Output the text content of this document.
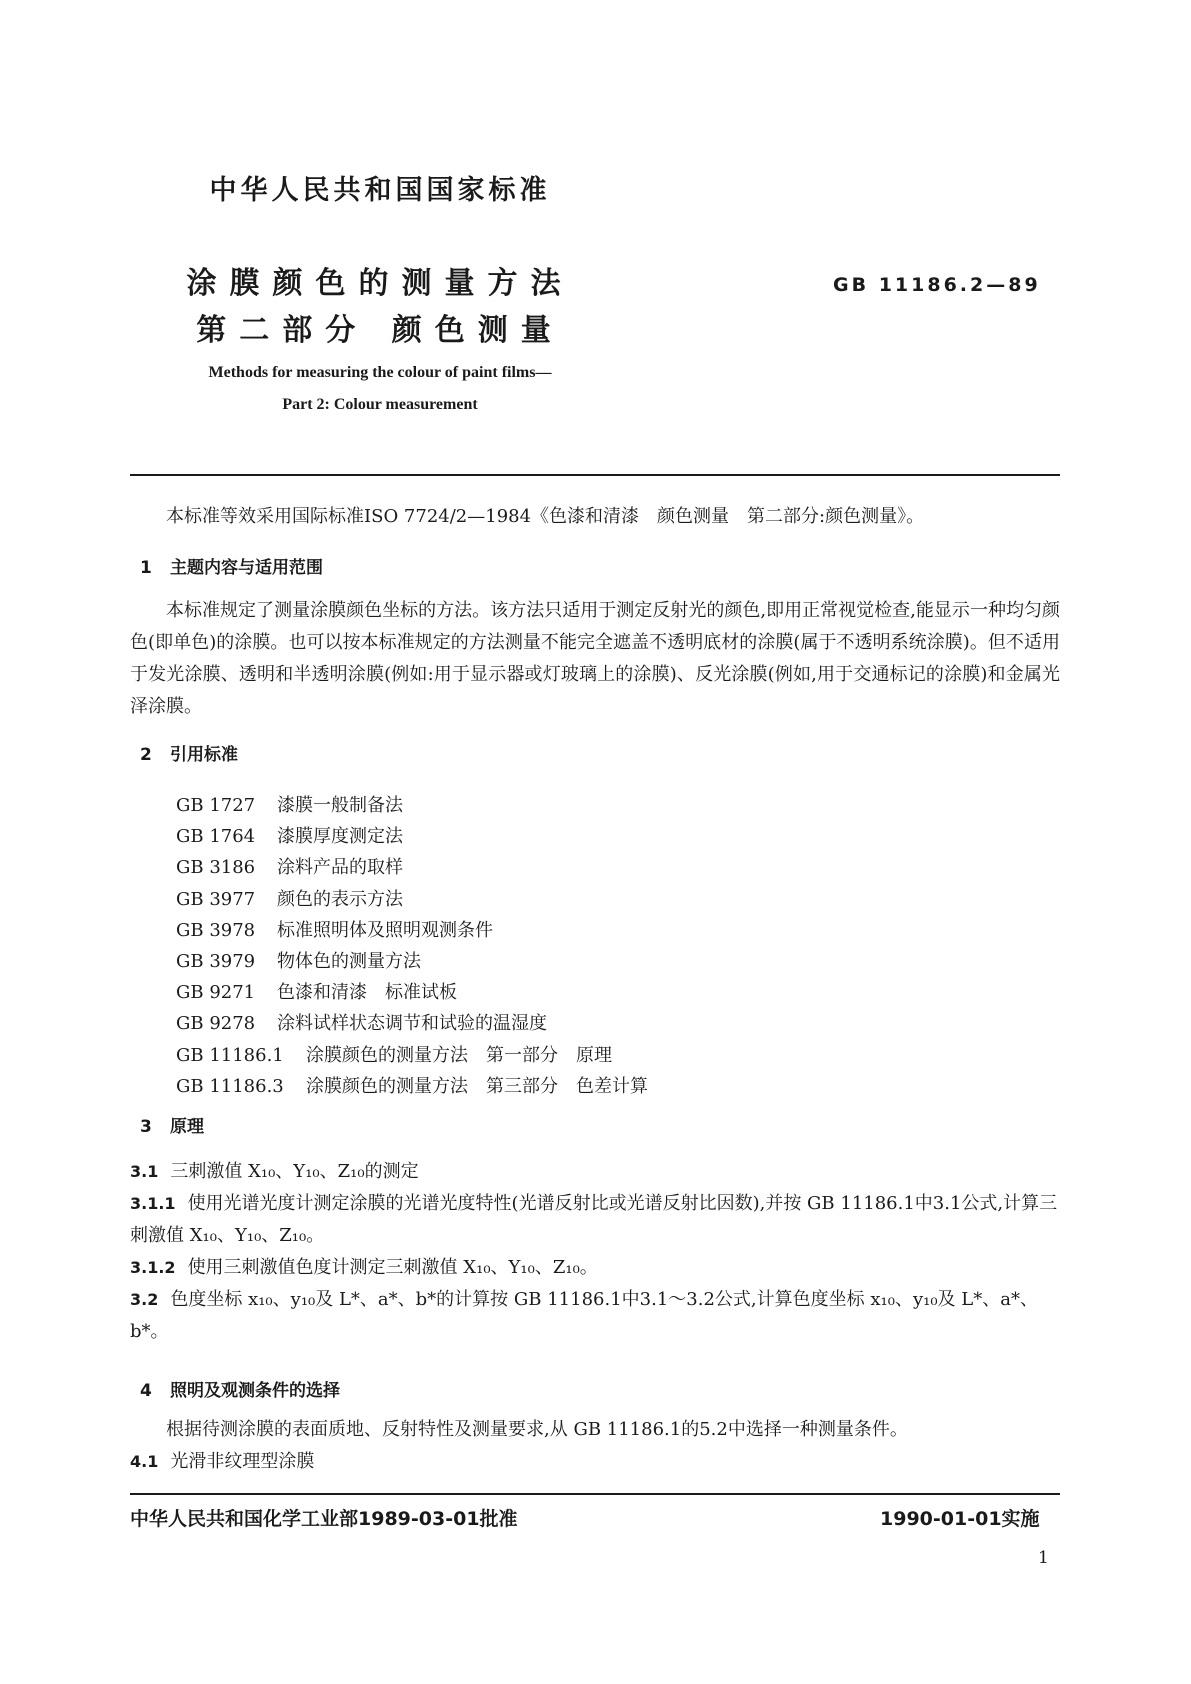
中华人民共和国国家标准
涂膜颜色的测量方法
第二部分 颜色测量
GB 11186.2—89
Methods for measuring the colour of paint films—
Part 2: Colour measurement
本标准等效采用国际标准ISO 7724/2—1984《色漆和清漆　颜色测量　第二部分:颜色测量》。
1 主题内容与适用范围
本标准规定了测量涂膜颜色坐标的方法。该方法只适用于测定反射光的颜色,即用正常视觉检查,能显示一种均匀颜色(即单色)的涂膜。也可以按本标准规定的方法测量不能完全遮盖不透明底材的涂膜(属于不透明系统涂膜)。但不适用于发光涂膜、透明和半透明涂膜(例如:用于显示器或灯玻璃上的涂膜)、反光涂膜(例如,用于交通标记的涂膜)和金属光泽涂膜。
2 引用标准
GB 1727 漆膜一般制备法
GB 1764 漆膜厚度测定法
GB 3186 涂料产品的取样
GB 3977 颜色的表示方法
GB 3978 标准照明体及照明观测条件
GB 3979 物体色的测量方法
GB 9271 色漆和清漆　标准试板
GB 9278 涂料试样状态调节和试验的温湿度
GB 11186.1 涂膜颜色的测量方法　第一部分　原理
GB 11186.3 涂膜颜色的测量方法　第三部分　色差计算
3 原理
3.1 三刺激值 X₁₀、Y₁₀、Z₁₀的测定
3.1.1 使用光谱光度计测定涂膜的光谱光度特性(光谱反射比或光谱反射比因数),并按 GB 11186.1中3.1公式,计算三刺激值 X₁₀、Y₁₀、Z₁₀。
3.1.2 使用三刺激值色度计测定三刺激值 X₁₀、Y₁₀、Z₁₀。
3.2 色度坐标 x₁₀、y₁₀及 L*、a*、b*的计算按 GB 11186.1中3.1～3.2公式,计算色度坐标 x₁₀、y₁₀及 L*、a*、b*。
4 照明及观测条件的选择
根据待测涂膜的表面质地、反射特性及测量要求,从 GB 11186.1的5.2中选择一种测量条件。
4.1 光滑非纹理型涂膜
中华人民共和国化学工业部1989-03-01批准	1990-01-01实施
1
